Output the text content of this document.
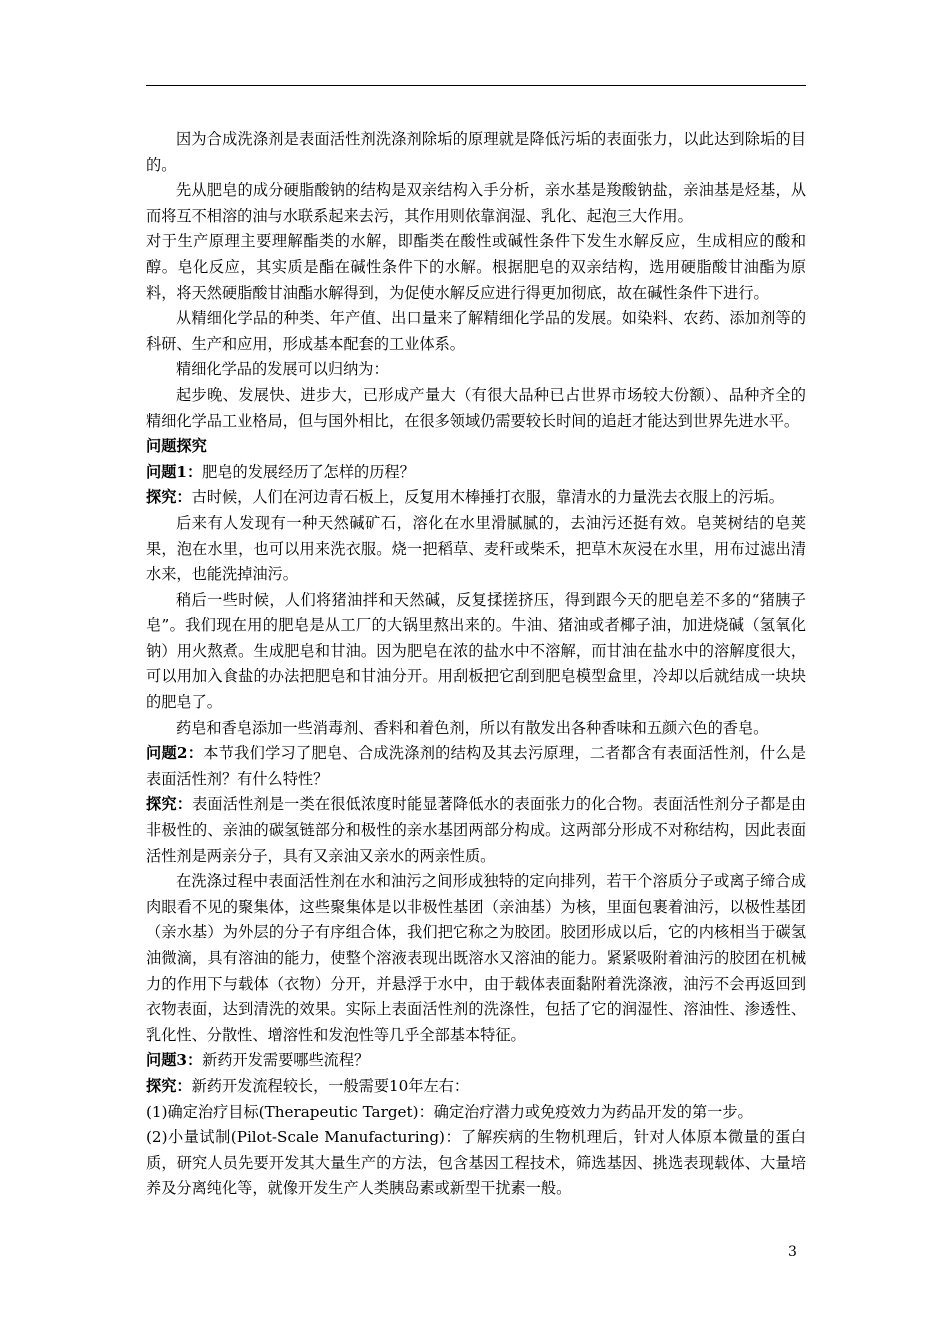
因为合成洗涤剂是表面活性剂洗涤剂除垢的原理就是降低污垢的表面张力，以此达到除垢的目的。

先从肥皂的成分硬脂酸钠的结构是双亲结构入手分析，亲水基是羧酸钠盐，亲油基是烃基，从而将互不相溶的油与水联系起来去污，其作用则依靠润湿、乳化、起泡三大作用。

对于生产原理主要理解酯类的水解，即酯类在酸性或碱性条件下发生水解反应，生成相应的酸和醇。皂化反应，其实质是酯在碱性条件下的水解。根据肥皂的双亲结构，选用硬脂酸甘油酯为原料，将天然硬脂酸甘油酯水解得到，为促使水解反应进行得更加彻底，故在碱性条件下进行。

从精细化学品的种类、年产值、出口量来了解精细化学品的发展。如染料、农药、添加剂等的科研、生产和应用，形成基本配套的工业体系。

精细化学品的发展可以归纳为：

起步晚、发展快、进步大，已形成产量大（有很大品种已占世界市场较大份额）、品种齐全的精细化学品工业格局，但与国外相比，在很多领域仍需要较长时间的追赶才能达到世界先进水平。

问题探究

问题1：肥皂的发展经历了怎样的历程？

探究：古时候，人们在河边青石板上，反复用木棒捶打衣服，靠清水的力量洗去衣服上的污垢。

后来有人发现有一种天然碱矿石，溶化在水里滑腻腻的，去油污还挺有效。皂荚树结的皂荚果，泡在水里，也可以用来洗衣服。烧一把稻草、麦秆或柴禾，把草木灰浸在水里，用布过滤出清水来，也能洗掉油污。

稍后一些时候，人们将猪油拌和天然碱，反复揉搓挤压，得到跟今天的肥皂差不多的“猪胰子皂”。我们现在用的肥皂是从工厂的大锅里熬出来的。牛油、猪油或者椰子油，加进烧碱（氢氧化钠）用火熬煮。生成肥皂和甘油。因为肥皂在浓的盐水中不溶解，而甘油在盐水中的溶解度很大，可以用加入食盐的办法把肥皂和甘油分开。用刮板把它刮到肥皂模型盒里，冷却以后就结成一块块的肥皂了。

药皂和香皂添加一些消毒剂、香料和着色剂，所以有散发出各种香味和五颜六色的香皂。

问题2：本节我们学习了肥皂、合成洗涤剂的结构及其去污原理，二者都含有表面活性剂，什么是表面活性剂？有什么特性？

探究：表面活性剂是一类在很低浓度时能显著降低水的表面张力的化合物。表面活性剂分子都是由非极性的、亲油的碳氢链部分和极性的亲水基团两部分构成。这两部分形成不对称结构，因此表面活性剂是两亲分子，具有又亲油又亲水的两亲性质。

在洗涤过程中表面活性剂在水和油污之间形成独特的定向排列，若干个溶质分子或离子缔合成肉眼看不见的聚集体，这些聚集体是以非极性基团（亲油基）为核，里面包裹着油污，以极性基团（亲水基）为外层的分子有序组合体，我们把它称之为胶团。胶团形成以后，它的内核相当于碳氢油微滴，具有溶油的能力，使整个溶液表现出既溶水又溶油的能力。紧紧吸附着油污的胶团在机械力的作用下与载体（衣物）分开，并悬浮于水中，由于载体表面黏附着洗涤液，油污不会再返回到衣物表面，达到清洗的效果。实际上表面活性剂的洗涤性，包括了它的润湿性、溶油性、渗透性、乳化性、分散性、增溶性和发泡性等几乎全部基本特征。

问题3：新药开发需要哪些流程？

探究：新药开发流程较长，一般需要10年左右：

(1)确定治疗目标(Therapeutic Target)：确定治疗潜力或免疫效力为药品开发的第一步。

(2)小量试制(Pilot-Scale Manufacturing)：了解疾病的生物机理后，针对人体原本微量的蛋白质，研究人员先要开发其大量生产的方法，包含基因工程技术，筛选基因、挑选表现载体、大量培养及分离纯化等，就像开发生产人类胰岛素或新型干扰素一般。

3
